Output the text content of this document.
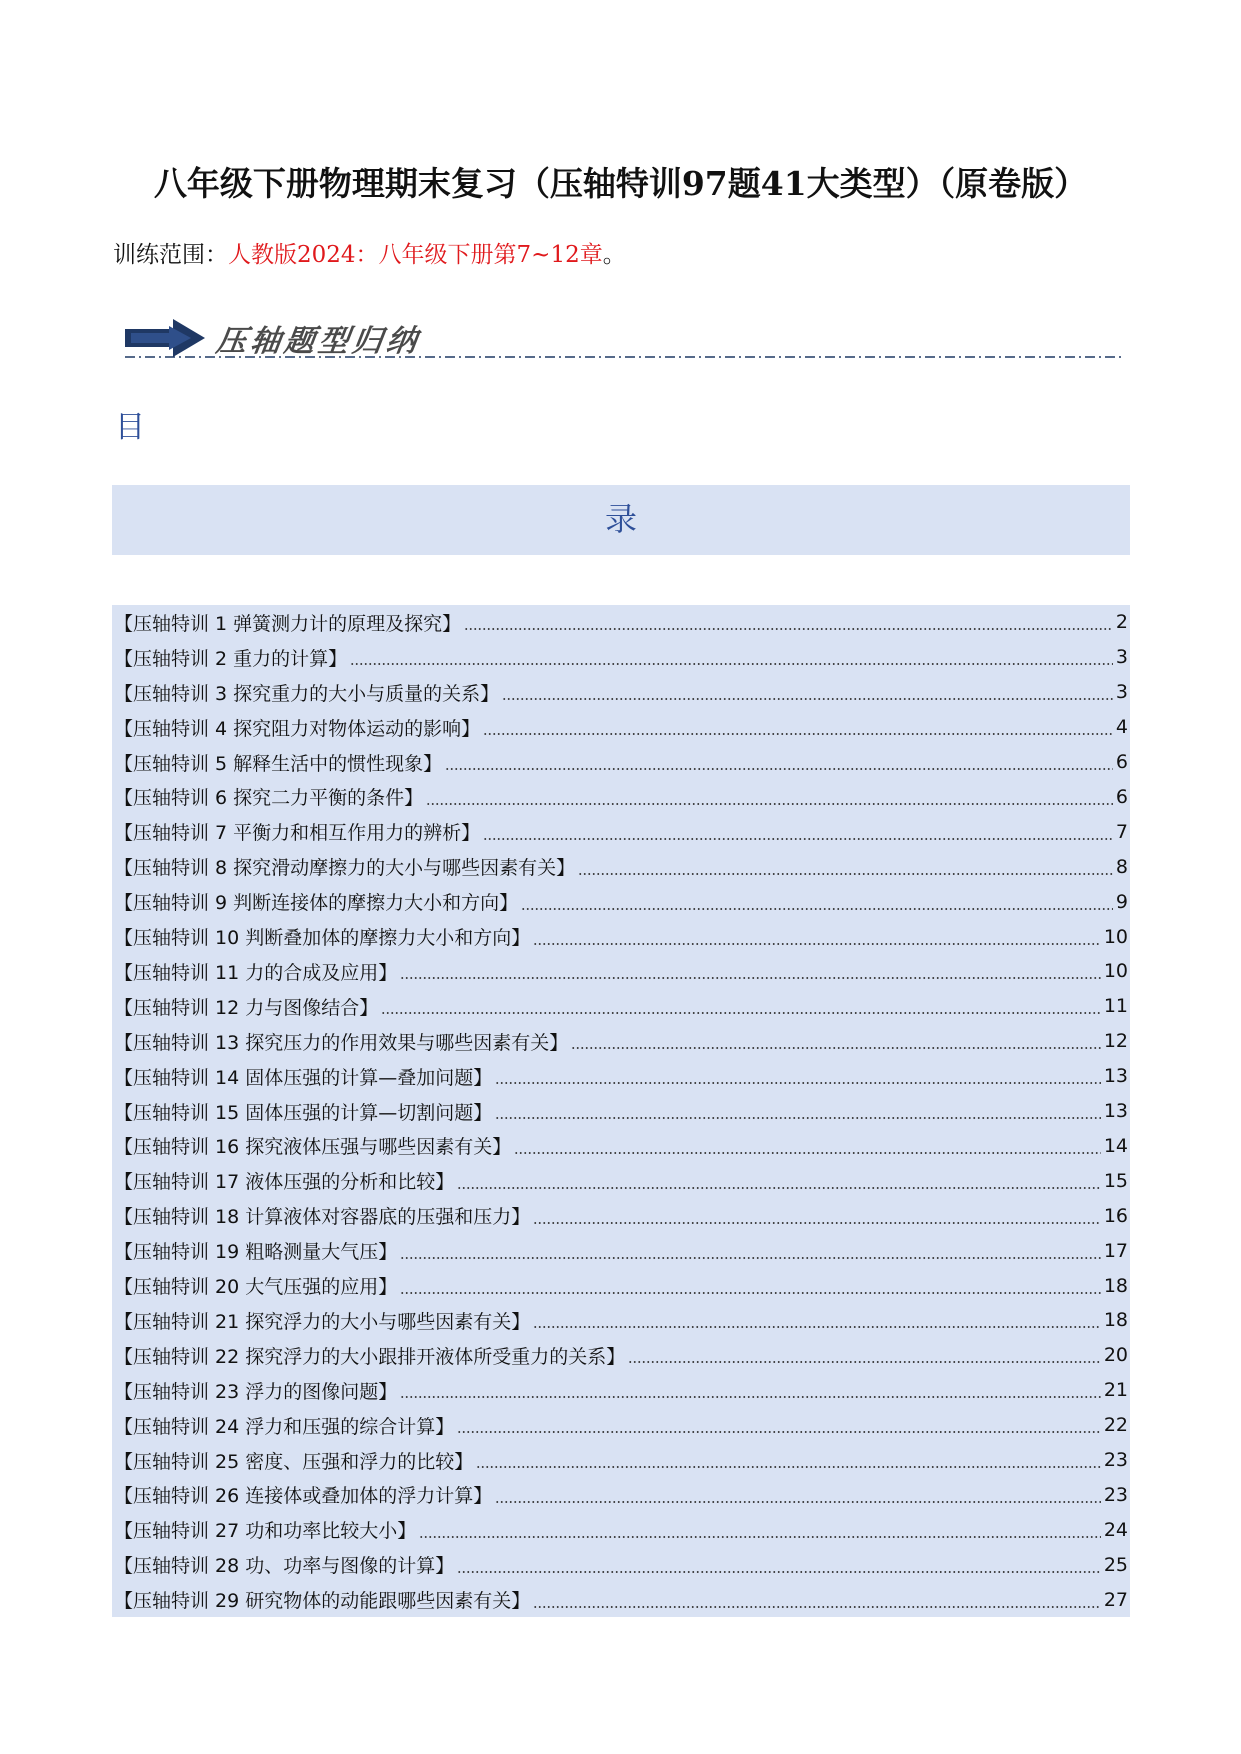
八年级下册物理期末复习（压轴特训97题41大类型）（原卷版）
训练范围：人教版2024：八年级下册第7~12章。
压轴题型归纳
目
录
【压轴特训 1 弹簧测力计的原理及探究】	2
【压轴特训 2 重力的计算】	3
【压轴特训 3 探究重力的大小与质量的关系】	3
【压轴特训 4 探究阻力对物体运动的影响】	4
【压轴特训 5 解释生活中的惯性现象】	6
【压轴特训 6 探究二力平衡的条件】	6
【压轴特训 7 平衡力和相互作用力的辨析】	7
【压轴特训 8 探究滑动摩擦力的大小与哪些因素有关】	8
【压轴特训 9 判断连接体的摩擦力大小和方向】	9
【压轴特训 10 判断叠加体的摩擦力大小和方向】	10
【压轴特训 11 力的合成及应用】	10
【压轴特训 12 力与图像结合】	11
【压轴特训 13 探究压力的作用效果与哪些因素有关】	12
【压轴特训 14 固体压强的计算—叠加问题】	13
【压轴特训 15 固体压强的计算—切割问题】	13
【压轴特训 16 探究液体压强与哪些因素有关】	14
【压轴特训 17 液体压强的分析和比较】	15
【压轴特训 18 计算液体对容器底的压强和压力】	16
【压轴特训 19 粗略测量大气压】	17
【压轴特训 20 大气压强的应用】	18
【压轴特训 21 探究浮力的大小与哪些因素有关】	18
【压轴特训 22 探究浮力的大小跟排开液体所受重力的关系】	20
【压轴特训 23 浮力的图像问题】	21
【压轴特训 24 浮力和压强的综合计算】	22
【压轴特训 25 密度、压强和浮力的比较】	23
【压轴特训 26 连接体或叠加体的浮力计算】	23
【压轴特训 27 功和功率比较大小】	24
【压轴特训 28 功、功率与图像的计算】	25
【压轴特训 29 研究物体的动能跟哪些因素有关】	27
